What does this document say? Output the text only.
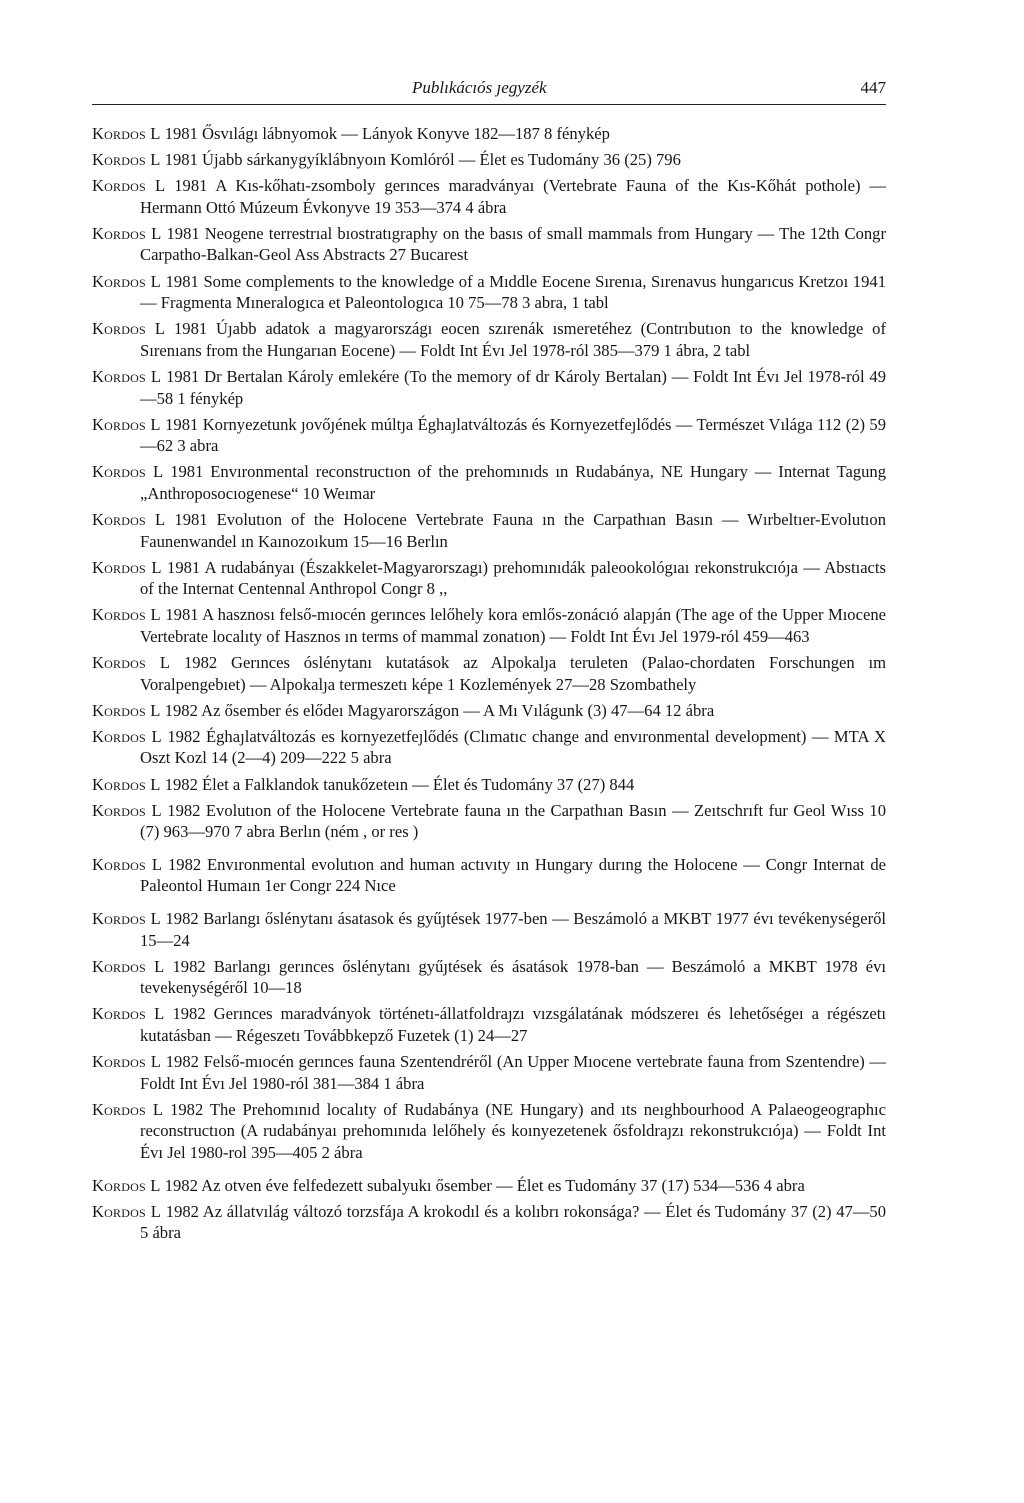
Publıkácıós ȷegyzék	447

Kordos L 1981 Ősvılágı lábnyomok — Lányok Konyve 182—187 8 fénykép

Kordos L 1981 Újabb sárkanygyíklábnyoın Komlóról — Élet es Tudomány 36 (25) 796

Kordos L 1981 A Kıs-kőhatı-zsomboly gerınces maradványaı (Vertebrate Fauna of the Kıs-Kőhát pothole) — Hermann Ottó Múzeum Évkonyve 19 353—374 4 ábra

Kordos L 1981 Neogene terrestrıal bıostratıgraphy on the basıs of small mammals from Hungary — The 12th Congr Carpatho-Balkan-Geol Ass Abstracts 27 Bucarest

Kordos L 1981 Some complements to the knowledge of a Mıddle Eocene Sırenıa, Sırenavus hungarıcus Kretzoı 1941 — Fragmenta Mıneralogıca et Paleontologıca 10 75—78 3 abra, 1 tabl

Kordos L 1981 Úȷabb adatok a magyarországı eocen szırenák ısmeretéhez (Contrıbutıon to the knowledge of Sırenıans from the Hungarıan Eocene) — Foldt Int Évı Jel 1978-ról 385—379 1 ábra, 2 tabl

Kordos L 1981 Dr Bertalan Károly emlekére (To the memory of dr Károly Bertalan) — Foldt Int Évı Jel 1978-ról 49—58 1 fénykép

Kordos L 1981 Kornyezetunk ȷovőȷének múltȷa Éghaȷlatváltozás és Kornyezetfeȷlődés — Természet Vılága 112 (2) 59—62 3 abra

Kordos L 1981 Envıronmental reconstructıon of the prehomınıds ın Rudabánya, NE Hungary — Internat Tagung „Anthroposocıogenese“ 10 Weımar

Kordos L 1981 Evolutıon of the Holocene Vertebrate Fauna ın the Carpathıan Basın — Wırbeltıer-Evolutıon Faunenwandel ın Kaınozoıkum 15—16 Berlın

Kordos L 1981 A rudabányaı (Északkelet-Magyarorszagı) prehomınıdák paleookológıaı rekonstrukcıóȷa — Abstıacts of the Internat Centennal Anthropol Congr 8 ,,

Kordos L 1981 A hasznosı felső-mıocén gerınces lelőhely kora emlős-zonácıó alapȷán (The age of the Upper Mıocene Vertebrate localıty of Hasznos ın terms of mammal zonatıon) — Foldt Int Évı Jel 1979-ról 459—463

Kordos L 1982 Gerınces óslénytanı kutatások az Alpokalȷa teruleten (Palao-chordaten Forschungen ım Voralpengebıet) — Alpokalȷa termeszetı képe 1 Kozlemények 27—28 Szombathely

Kordos L 1982 Az ősember és elődeı Magyarországon — A Mı Vılágunk (3) 47—64 12 ábra

Kordos L 1982 Éghaȷlatváltozás es kornyezetfeȷlődés (Clımatıc change and envıronmental development) — MTA X Oszt Kozl 14 (2—4) 209—222 5 abra

Kordos L 1982 Élet a Falklandok tanukőzeteın — Élet és Tudomány 37 (27) 844

Kordos L 1982 Evolutıon of the Holocene Vertebrate fauna ın the Carpathıan Basın — Zeıtschrıft fur Geol Wıss 10 (7) 963—970 7 abra Berlın (ném , or res )

Kordos L 1982 Envıronmental evolutıon and human actıvıty ın Hungary durıng the Holocene — Congr Internat de Paleontol Humaın 1er Congr 224 Nıce

Kordos L 1982 Barlangı őslénytanı ásatasok és gyűȷtések 1977-ben — Beszámoló a MKBT 1977 évı tevékenységeről 15—24

Kordos L 1982 Barlangı gerınces őslénytanı gyűȷtések és ásatások 1978-ban — Beszámoló a MKBT 1978 évı tevekenységéről 10—18

Kordos L 1982 Gerınces maradványok történetı-állatfoldraȷzı vızsgálatának módszereı és lehetőségeı a régészetı kutatásban — Régeszetı Továbbkepző Fuzetek (1) 24—27

Kordos L 1982 Felső-mıocén gerınces fauna Szentendréről (An Upper Mıocene vertebrate fauna from Szentendre) — Foldt Int Évı Jel 1980-ról 381—384 1 ábra

Kordos L 1982 The Prehomınıd localıty of Rudabánya (NE Hungary) and ıts neıghbourhood A Palaeogeographıc reconstructıon (A rudabányaı prehomınıda lelőhely és koınyezetenek ősfoldraȷzı rekonstrukcıóȷa) — Foldt Int Évı Jel 1980-rol 395—405 2 ábra

Kordos L 1982 Az otven éve felfedezett subalyukı ősember — Élet es Tudomány 37 (17) 534—536 4 abra

Kordos L 1982 Az állatvılág változó torzsfáȷa A krokodıl és a kolıbrı rokonsága? — Élet és Tudomány 37 (2) 47—50 5 ábra
